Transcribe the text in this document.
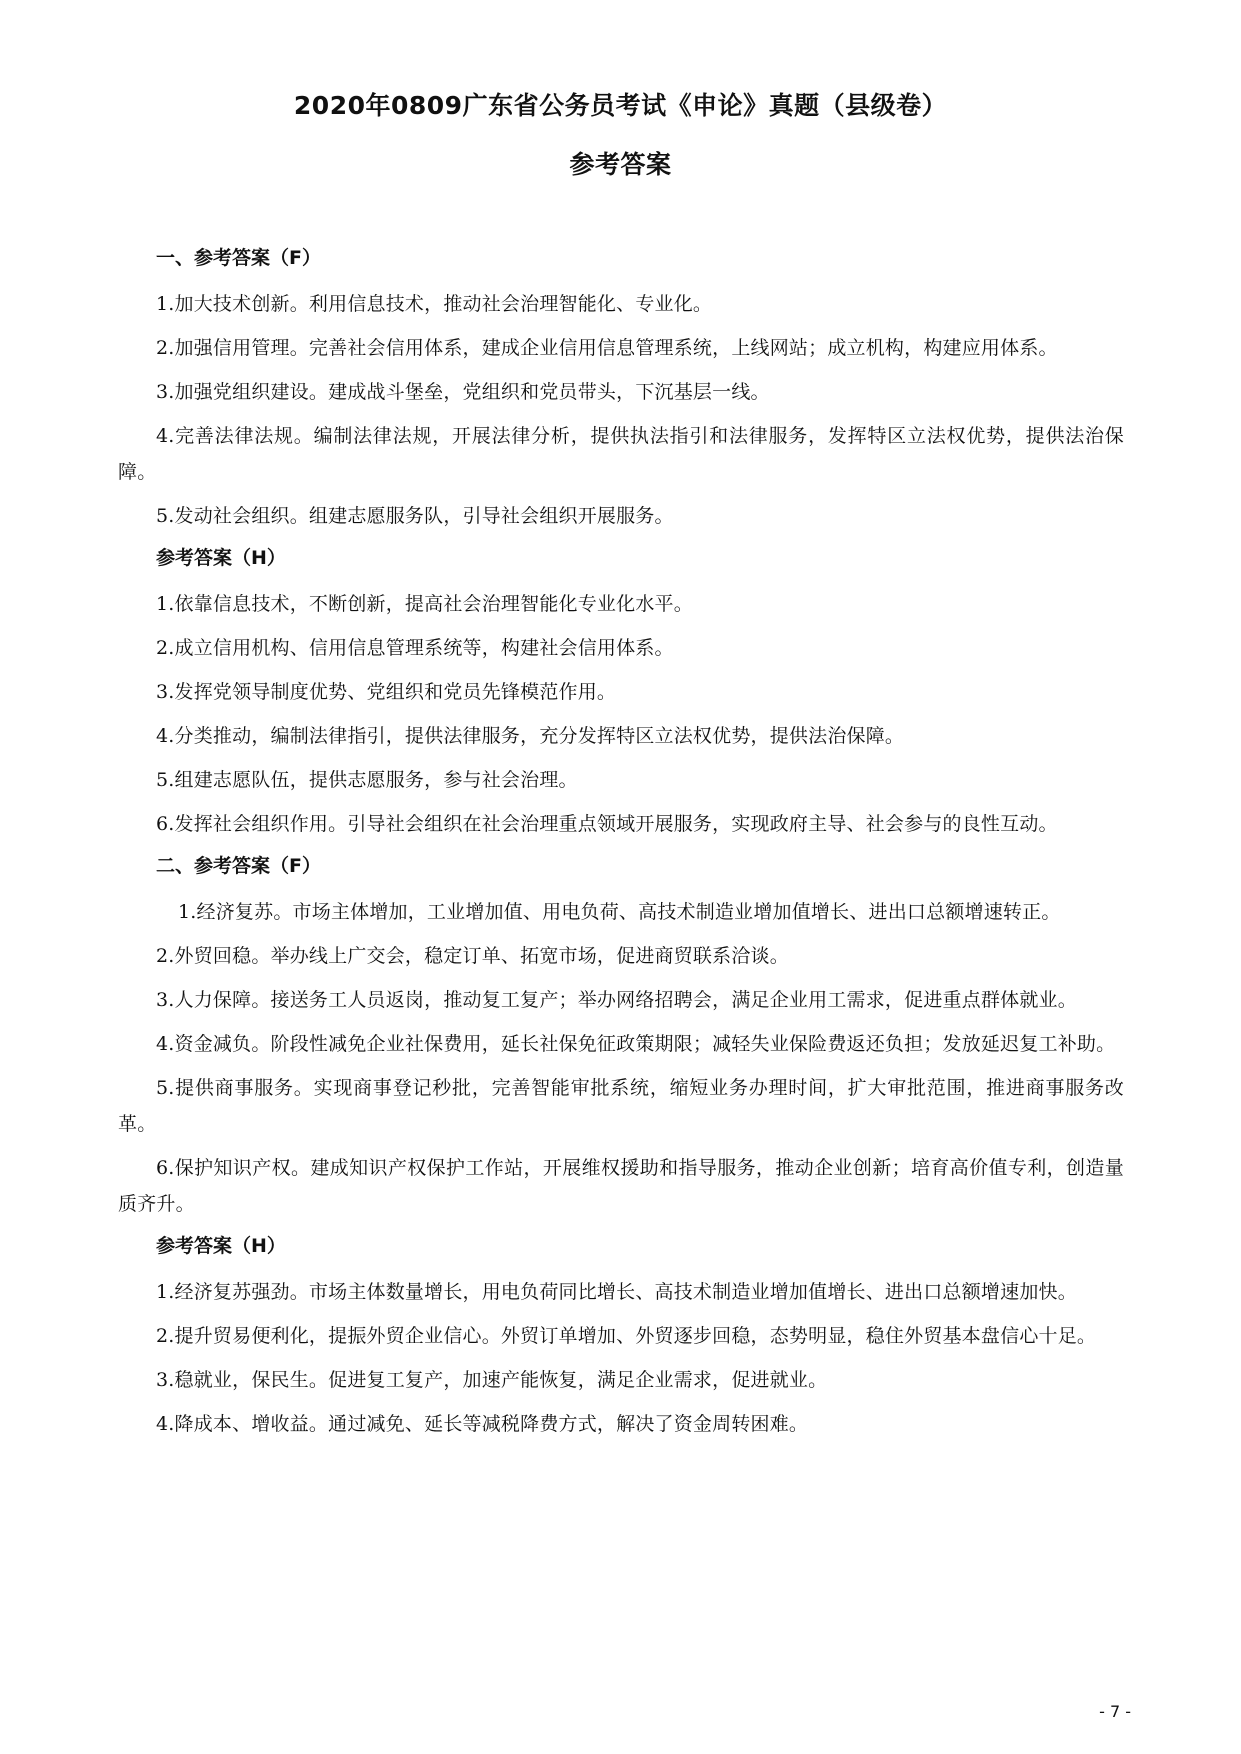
2020年0809广东省公务员考试《申论》真题（县级卷）
参考答案
一、参考答案（F）

1.加大技术创新。利用信息技术，推动社会治理智能化、专业化。

2.加强信用管理。完善社会信用体系，建成企业信用信息管理系统，上线网站；成立机构，构建应用体系。

3.加强党组织建设。建成战斗堡垒，党组织和党员带头，下沉基层一线。

4.完善法律法规。编制法律法规，开展法律分析，提供执法指引和法律服务，发挥特区立法权优势，提供法治保障。

5.发动社会组织。组建志愿服务队，引导社会组织开展服务。

参考答案（H）

1.依靠信息技术，不断创新，提高社会治理智能化专业化水平。

2.成立信用机构、信用信息管理系统等，构建社会信用体系。

3.发挥党领导制度优势、党组织和党员先锋模范作用。

4.分类推动，编制法律指引，提供法律服务，充分发挥特区立法权优势，提供法治保障。

5.组建志愿队伍，提供志愿服务，参与社会治理。

6.发挥社会组织作用。引导社会组织在社会治理重点领域开展服务，实现政府主导、社会参与的良性互动。

二、参考答案（F）

1.经济复苏。市场主体增加，工业增加值、用电负荷、高技术制造业增加值增长、进出口总额增速转正。

2.外贸回稳。举办线上广交会，稳定订单、拓宽市场，促进商贸联系洽谈。

3.人力保障。接送务工人员返岗，推动复工复产；举办网络招聘会，满足企业用工需求，促进重点群体就业。

4.资金减负。阶段性减免企业社保费用，延长社保免征政策期限；减轻失业保险费返还负担；发放延迟复工补助。

5.提供商事服务。实现商事登记秒批，完善智能审批系统，缩短业务办理时间，扩大审批范围，推进商事服务改革。

6.保护知识产权。建成知识产权保护工作站，开展维权援助和指导服务，推动企业创新；培育高价值专利，创造量质齐升。

参考答案（H）

1.经济复苏强劲。市场主体数量增长，用电负荷同比增长、高技术制造业增加值增长、进出口总额增速加快。

2.提升贸易便利化，提振外贸企业信心。外贸订单增加、外贸逐步回稳，态势明显，稳住外贸基本盘信心十足。

3.稳就业，保民生。促进复工复产，加速产能恢复，满足企业需求，促进就业。

4.降成本、增收益。通过减免、延长等减税降费方式，解决了资金周转困难。

- 7 -
